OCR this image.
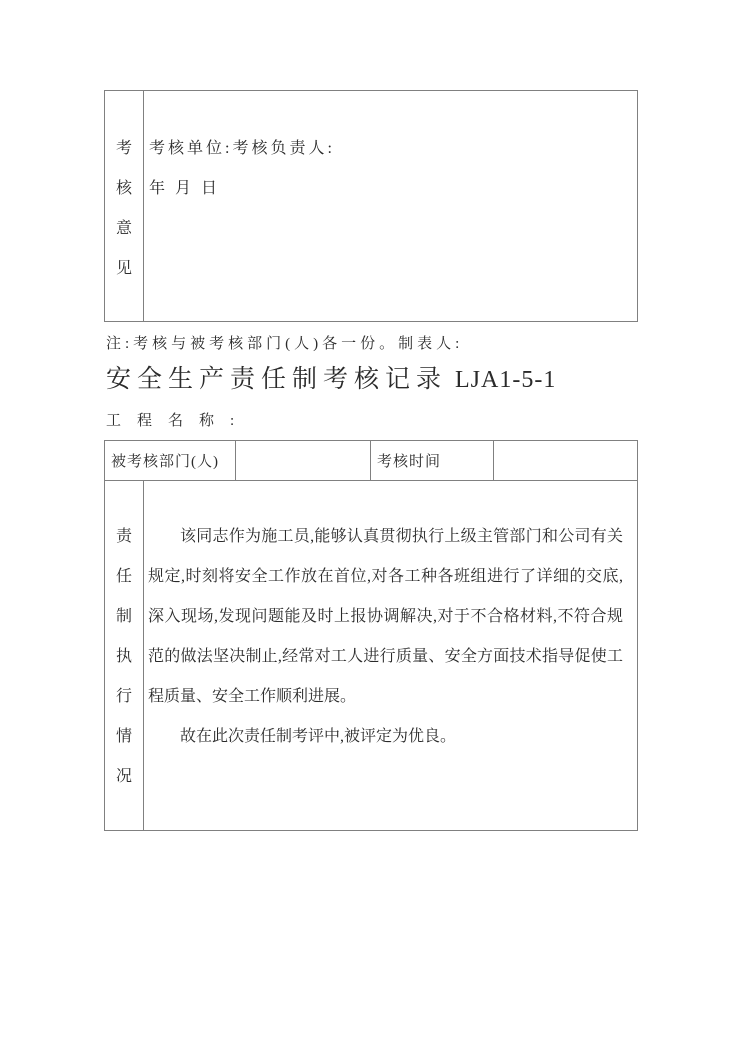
考
核
意
见
考核单位:考核负责人:
年 月 日
注:考核与被考核部门(人)各一份。制表人:
安全生产责任制考核记录 LJA1-5-1
工程名称:
被考核部门(人)	考核时间
责
任
制
执
行
情
况

该同志作为施工员,能够认真贯彻执行上级主管部门和公司有关规定,时刻将安全工作放在首位,对各工种各班组进行了详细的交底,深入现场,发现问题能及时上报协调解决,对于不合格材料,不符合规范的做法坚决制止,经常对工人进行质量、安全方面技术指导促使工程质量、安全工作顺利进展。

故在此次责任制考评中,被评定为优良。
